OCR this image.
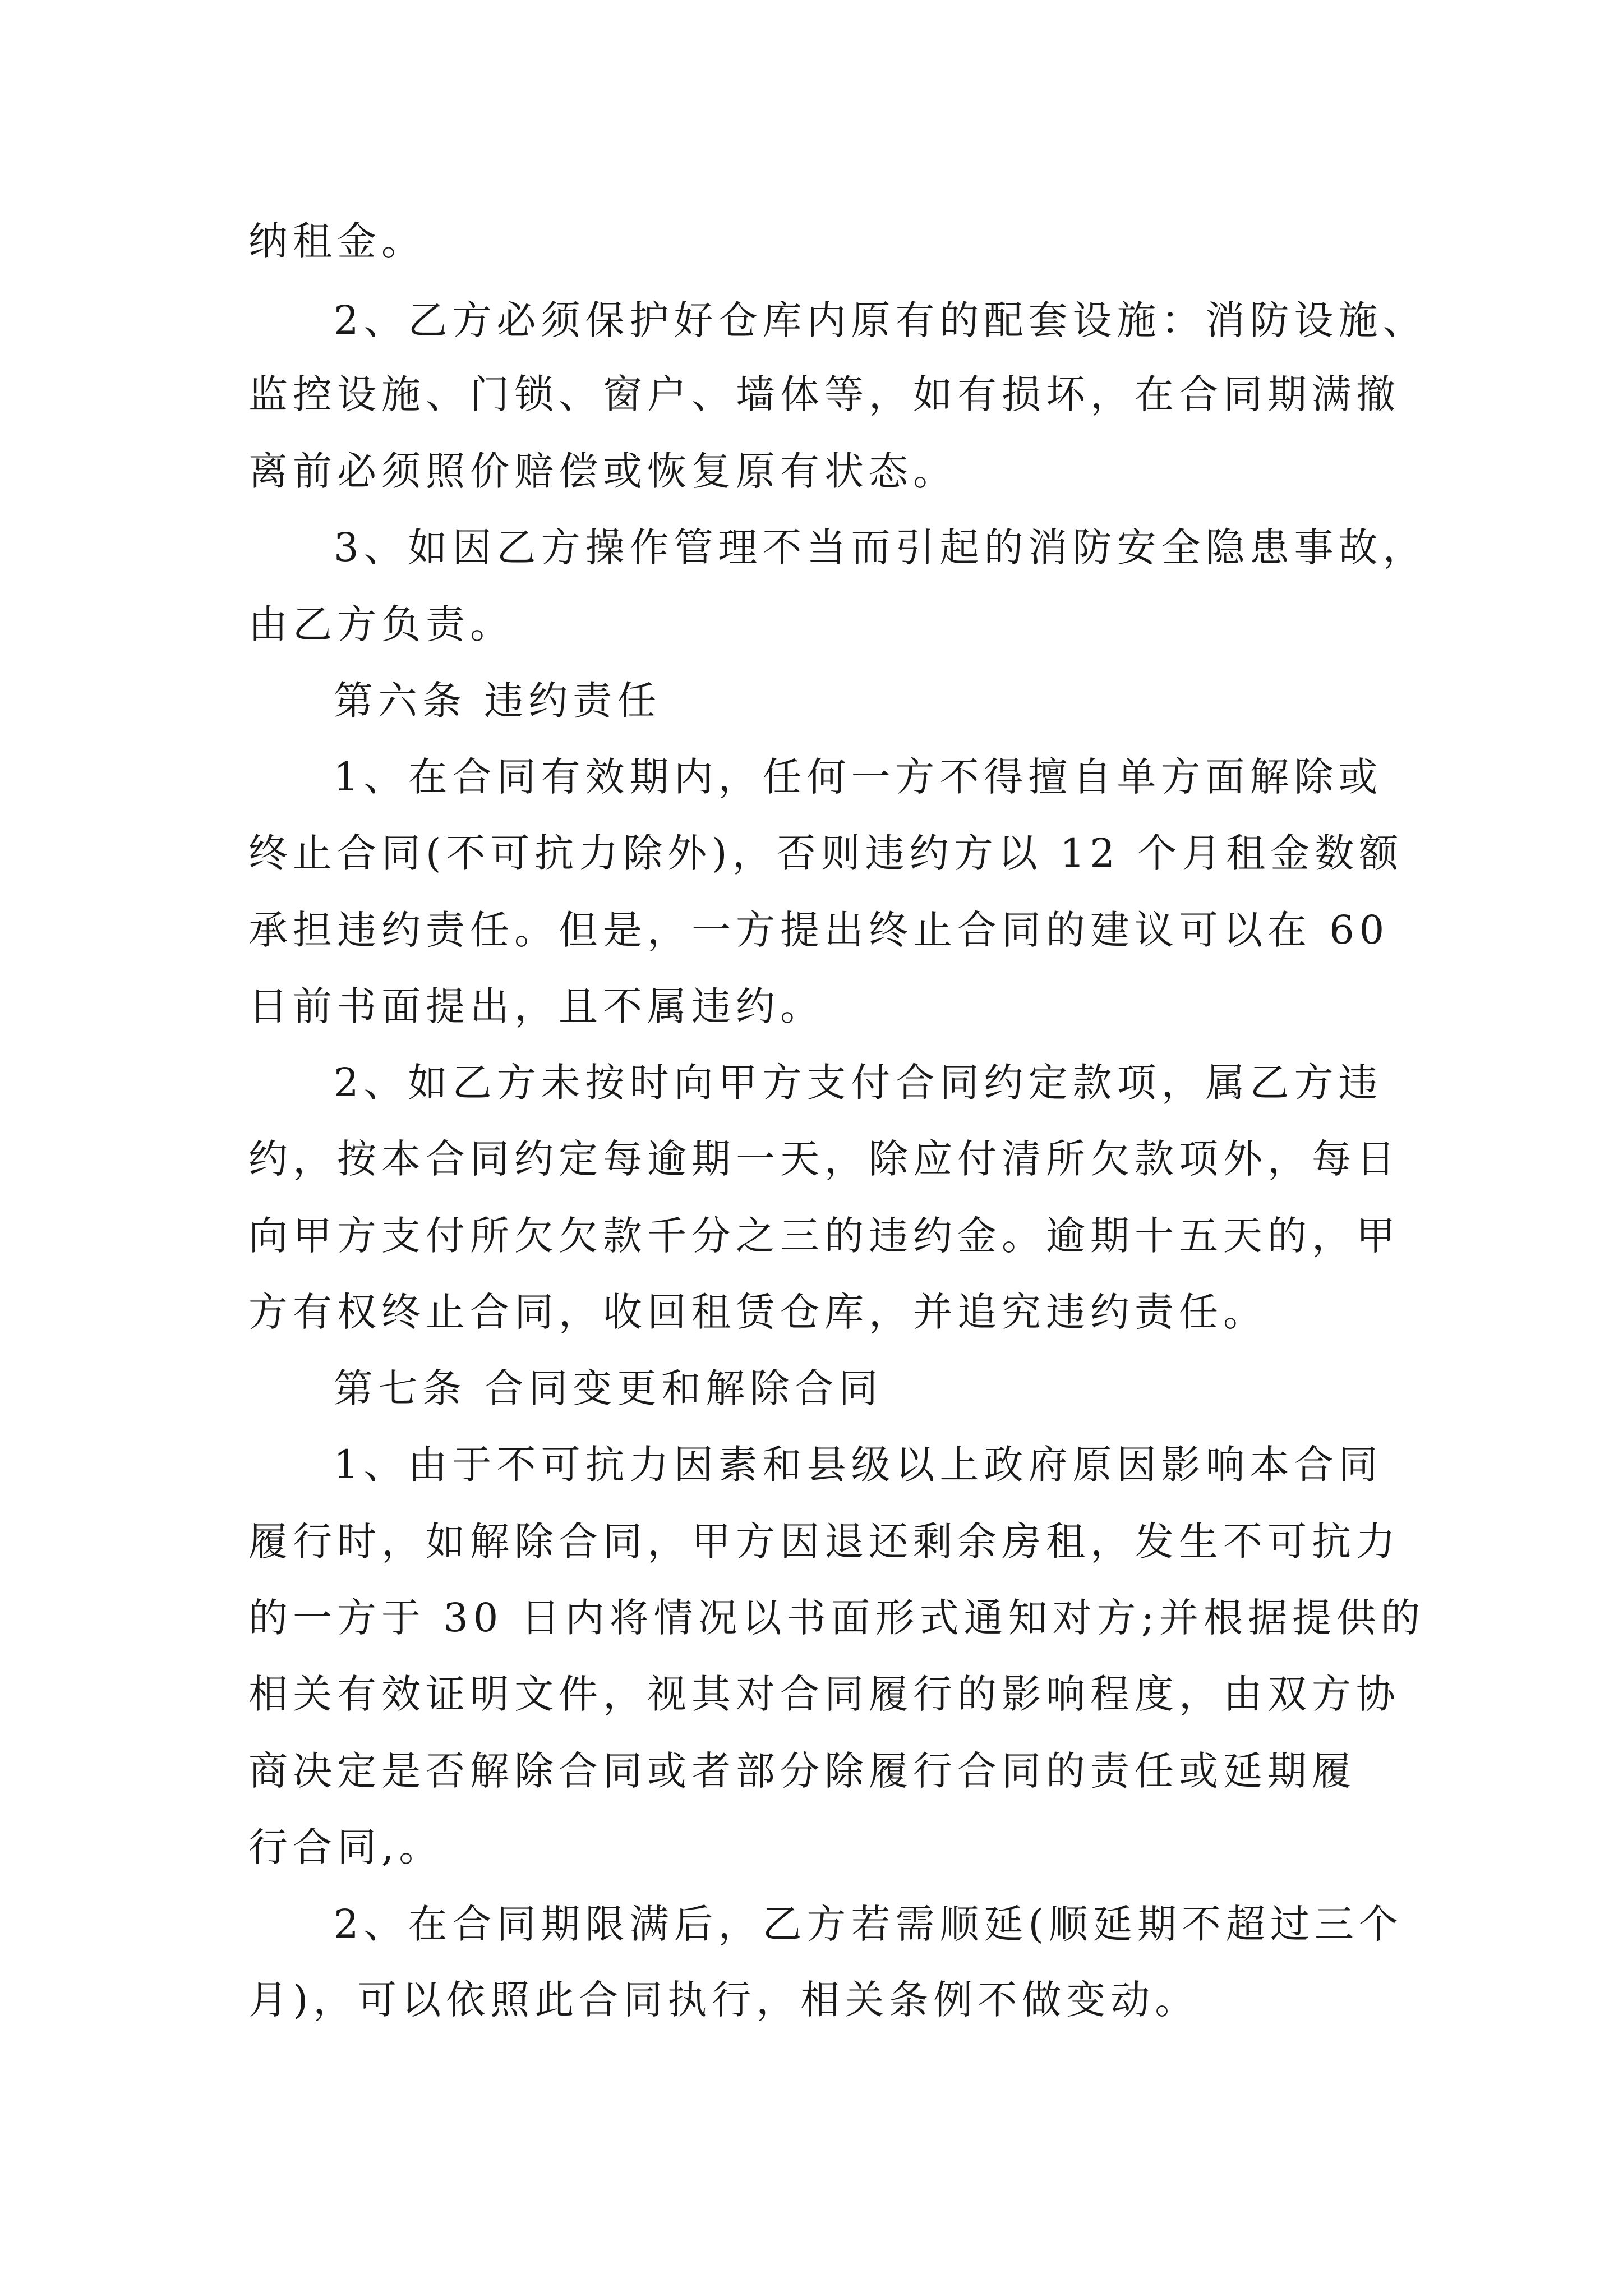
纳租金。
2、乙方必须保护好仓库内原有的配套设施：消防设施、
监控设施、门锁、窗户、墙体等，如有损坏，在合同期满撤
离前必须照价赔偿或恢复原有状态。
3、如因乙方操作管理不当而引起的消防安全隐患事故，
由乙方负责。
第六条 违约责任
1、在合同有效期内，任何一方不得擅自单方面解除或
终止合同(不可抗力除外)，否则违约方以 12 个月租金数额
承担违约责任。但是，一方提出终止合同的建议可以在 60
日前书面提出，且不属违约。
2、如乙方未按时向甲方支付合同约定款项，属乙方违
约，按本合同约定每逾期一天，除应付清所欠款项外，每日
向甲方支付所欠欠款千分之三的违约金。逾期十五天的，甲
方有权终止合同，收回租赁仓库，并追究违约责任。
第七条 合同变更和解除合同
1、由于不可抗力因素和县级以上政府原因影响本合同
履行时，如解除合同，甲方因退还剩余房租，发生不可抗力
的一方于 30 日内将情况以书面形式通知对方;并根据提供的
相关有效证明文件，视其对合同履行的影响程度，由双方协
商决定是否解除合同或者部分除履行合同的责任或延期履
行合同,。
2、在合同期限满后，乙方若需顺延(顺延期不超过三个
月)，可以依照此合同执行，相关条例不做变动。
